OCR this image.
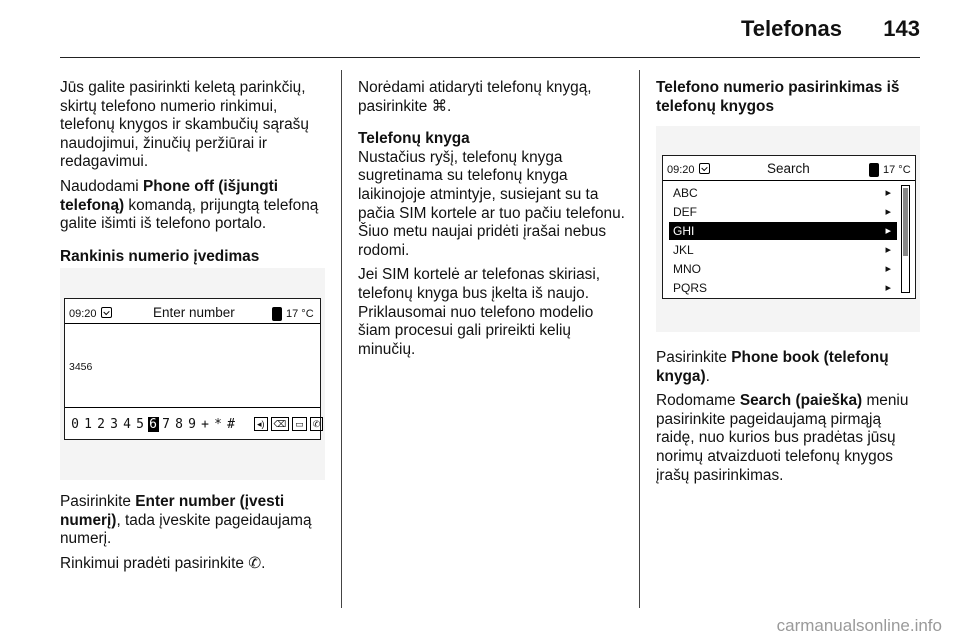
Telefonas 143

Jūs galite pasirinkti keletą parinkčių, skirtų telefono numerio rinkimui, telefonų knygos ir skambučių sąrašų naudojimui, žinučių peržiūrai ir redagavimui.

Naudodami Phone off (išjungti telefoną) komandą, prijungtą telefoną galite išimti iš telefono portalo.

Rankinis numerio įvedimas
09:20	Enter number	17 °C
3456
0 1 2 3 4 5 6 7 8 9 + * #	◂)	⌫	▭	✆

Pasirinkite Enter number (įvesti numerį), tada įveskite pageidaujamą numerį.

Rinkimui pradėti pasirinkite ✆.

Norėdami atidaryti telefonų knygą, pasirinkite ⌘.

Telefonų knyga

Nustačius ryšį, telefonų knyga sugretinama su telefonų knyga laikinojoje atmintyje, susiejant su ta pačia SIM kortele ar tuo pačiu telefonu. Šiuo metu naujai pridėti įrašai nebus rodomi.

Jei SIM kortelė ar telefonas skiriasi, telefonų knyga bus įkelta iš naujo. Priklausomai nuo telefono modelio šiam procesui gali prireikti kelių minučių.

Telefono numerio pasirinkimas iš telefonų knygos
09:20	Search	17 °C
ABC	▸
DEF	▸
GHI	▸
JKL	▸
MNO	▸
PQRS	▸

Pasirinkite Phone book (telefonų knyga).

Rodomame Search (paieška) meniu pasirinkite pageidaujamą pirmąją raidę, nuo kurios bus pradėtas jūsų norimų atvaizduoti telefonų knygos įrašų pasirinkimas.

carmanualsonline.info
